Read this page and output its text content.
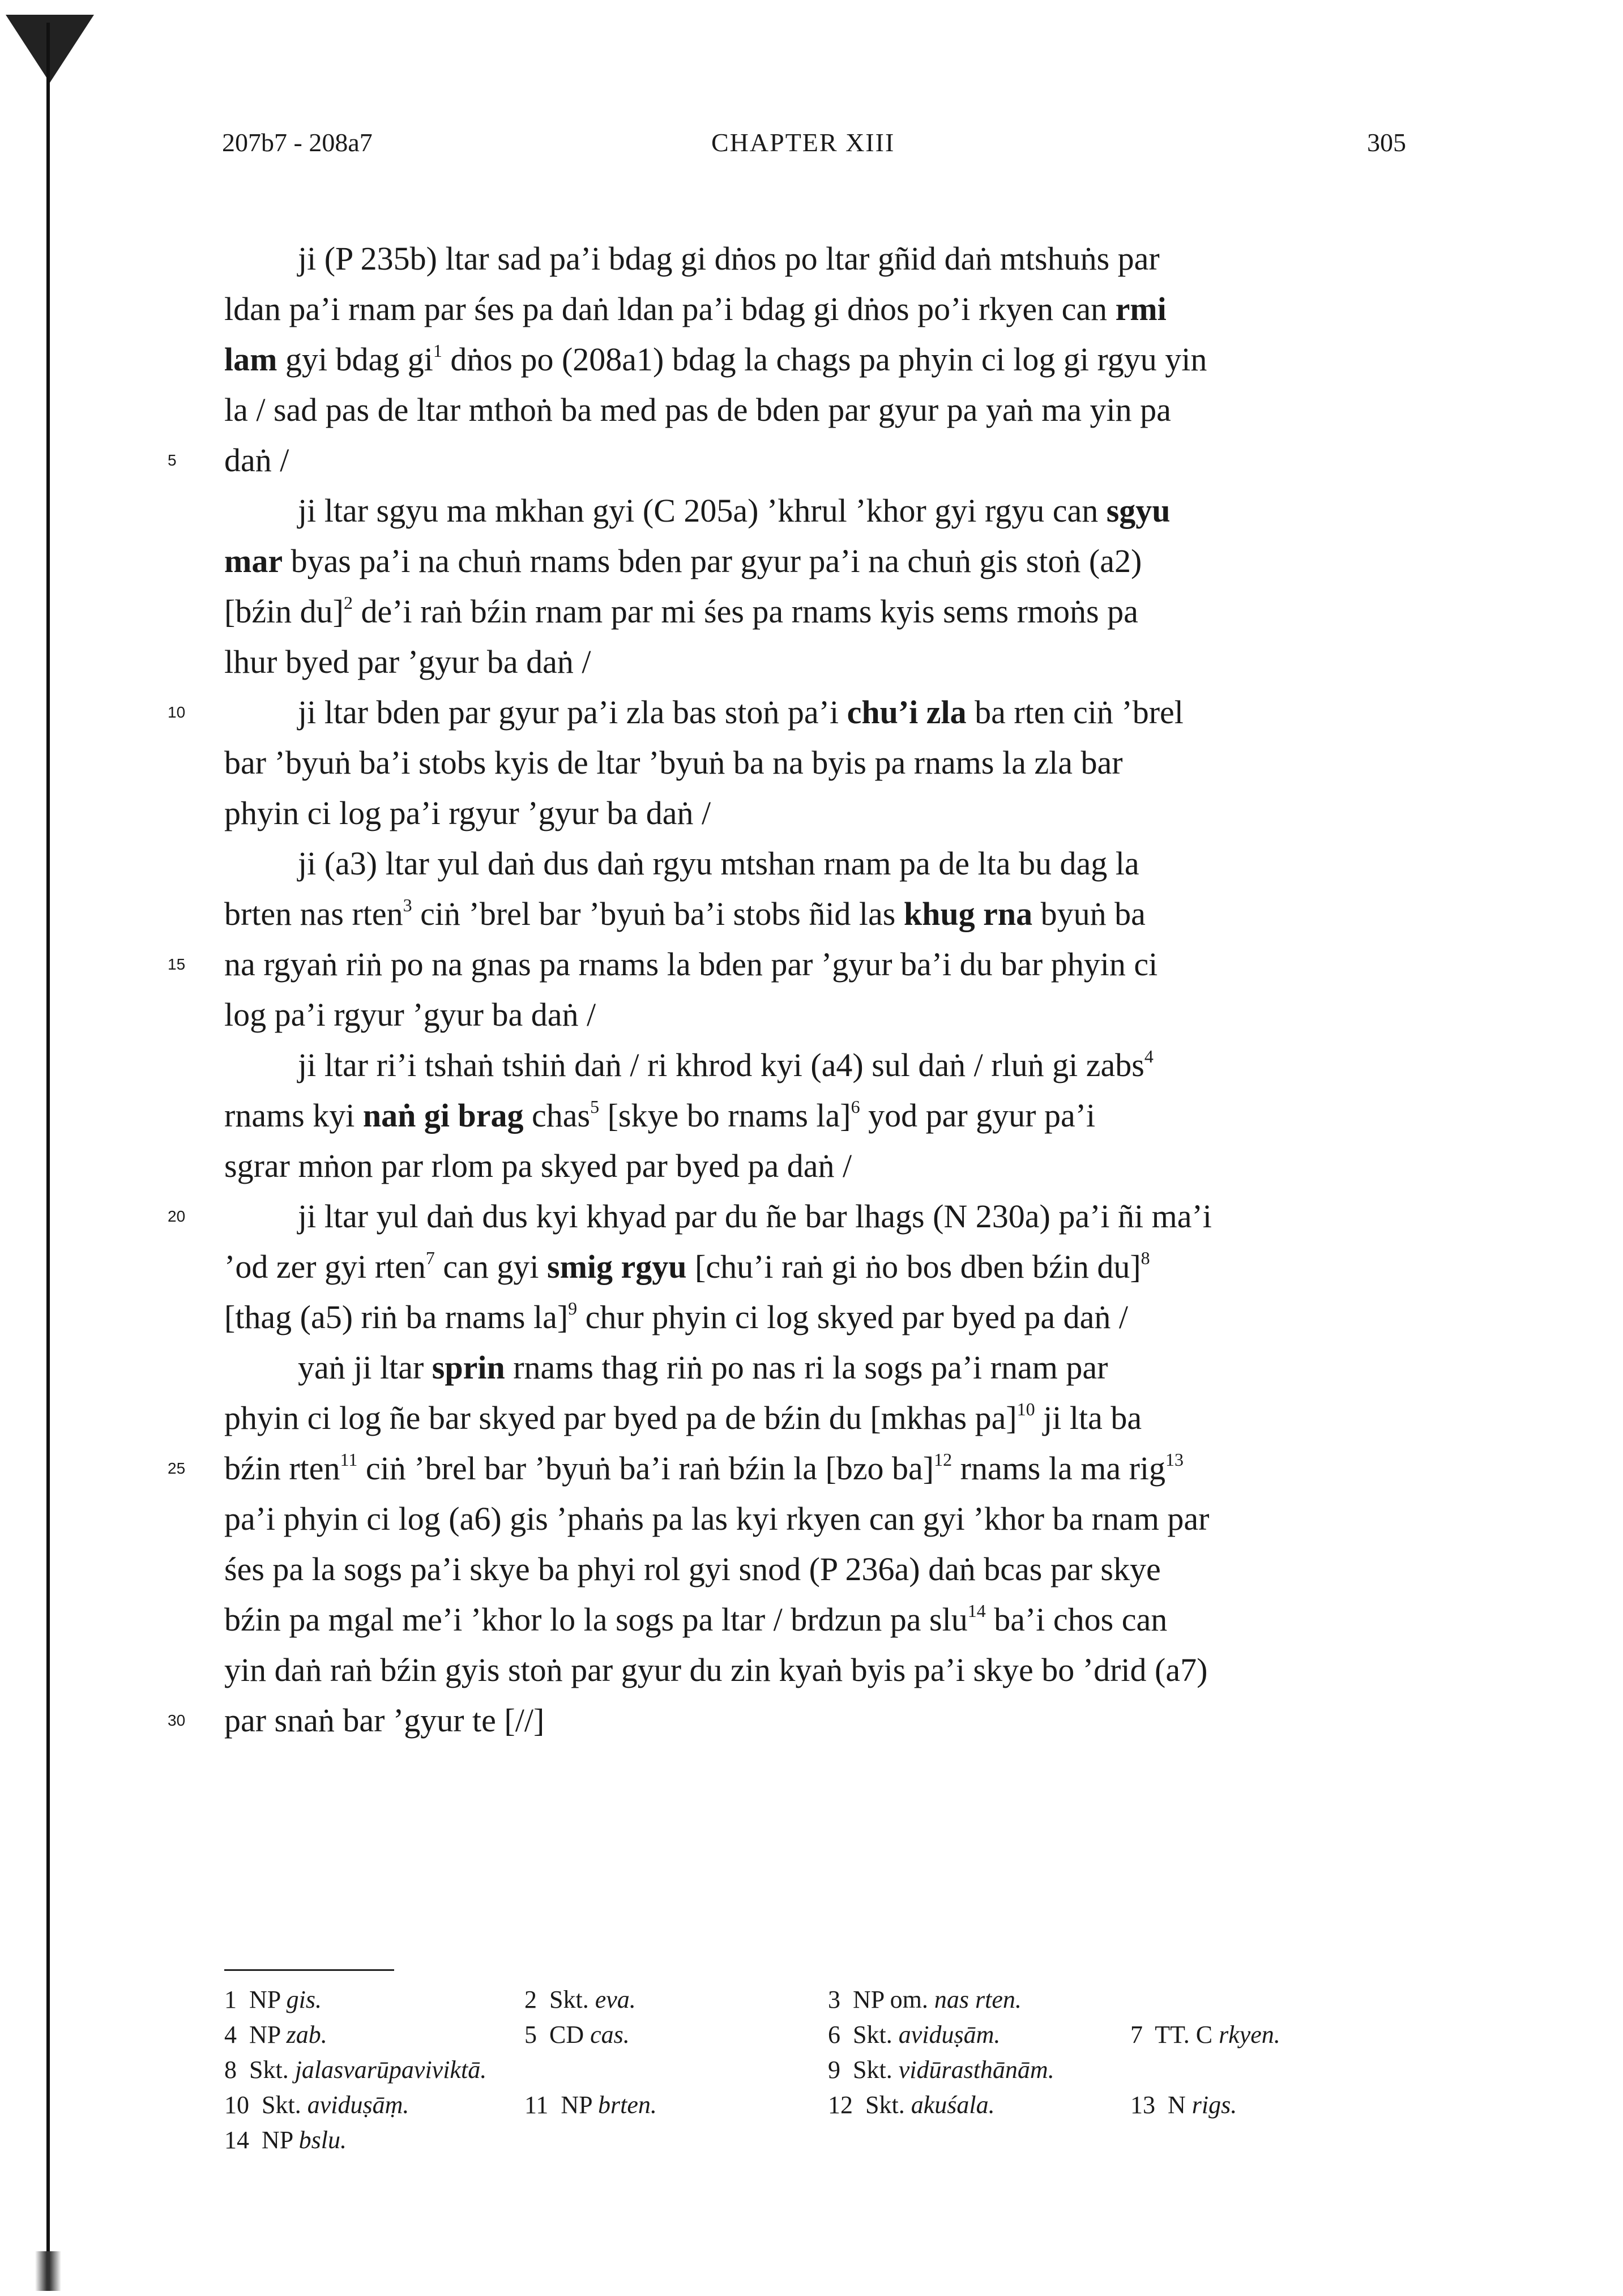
207b7 - 208a7	CHAPTER XIII	305
ji (P 235b) ltar sad pa’i bdag gi dṅos po ltar gñid daṅ mtshuṅs par
ldan pa’i rnam par śes pa daṅ ldan pa’i bdag gi dṅos po’i rkyen can rmi
lam gyi bdag $gi^1$ dṅos po (208a1) bdag la chags pa phyin ci log gi rgyu yin
la / sad pas de ltar mthoṅ ba med pas de bden par gyur pa yaṅ ma yin pa
5 daṅ /
ji ltar sgyu ma mkhan gyi (C 205a) ’khrul ’khor gyi rgyu can sgyu
mar byas pa’i na chuṅ rnams bden par gyur pa’i na chuṅ gis stoṅ (a2)
[bźin du]$^2$ de’i raṅ bźin rnam par mi śes pa rnams kyis sems rmoṅs pa
lhur byed par ’gyur ba daṅ /
10	ji ltar bden par gyur pa’i zla bas stoṅ pa’i chu’i zla ba rten ciṅ ’brel
bar ’byuṅ ba’i stobs kyis de ltar ’byuṅ ba na byis pa rnams la zla bar
phyin ci log pa’i rgyur ’gyur ba daṅ /
ji (a3) ltar yul daṅ dus daṅ rgyu mtshan rnam pa de lta bu dag la
brten nas rten$^3$ ciṅ ’brel bar ’byuṅ ba’i stobs ñid las khug rna byuṅ ba
15 na rgyaṅ riṅ po na gnas pa rnams la bden par ’gyur ba’i du bar phyin ci
log pa’i rgyur ’gyur ba daṅ /
ji ltar ri’i tshaṅ tshiṅ daṅ / ri khrod kyi (a4) sul daṅ / rluṅ gi zabs$^4$
rnams kyi naṅ gi brag chas$^5$ [skye bo rnams la]$^6$ yod par gyur pa’i
sgrar mṅon par rlom pa skyed par byed pa daṅ /
20	ji ltar yul daṅ dus kyi khyad par du ñe bar lhags (N 230a) pa’i ñi ma’i
’od zer gyi rten$^7$ can gyi smig rgyu [chu’i raṅ gi ṅo bos dben bźin du]$^8$
[thag (a5) riṅ ba rnams la]$^9$ chur phyin ci log skyed par byed pa daṅ /
yaṅ ji ltar sprin rnams thag riṅ po nas ri la sogs pa’i rnam par
phyin ci log ñe bar skyed par byed pa de bźin du [mkhas pa]$^{10}$ ji lta ba
25 bźin rten$^{11}$ ciṅ ’brel bar ’byuṅ ba’i raṅ bźin la [bzo ba]$^{12}$ rnams la ma rig$^{13}$
pa’i phyin ci log (a6) gis ’phaṅs pa las kyi rkyen can gyi ’khor ba rnam par
śes pa la sogs pa’i skye ba phyi rol gyi snod (P 236a) daṅ bcas par skye
bźin pa mgal me’i ’khor lo la sogs pa ltar / brdzun pa slu$^{14}$ ba’i chos can
yin daṅ raṅ bźin gyis stoṅ par gyur du zin kyaṅ byis pa’i skye bo ’drid (a7)
30 par snaṅ bar ’gyur te [//]
1 NP gis.	2 Skt. eva.	3 NP om. nas rten.
4 NP zab.	5 CD cas.	6 Skt. aviduṣām.	7 TT. C rkyen.
8 Skt. jalasvarūpaviviktā.	9 Skt. vidūrasthānām.
10 Skt. aviduṣāṃ.	11 NP brten.	12 Skt. akuśala.	13 N rigs.
14 NP bslu.
